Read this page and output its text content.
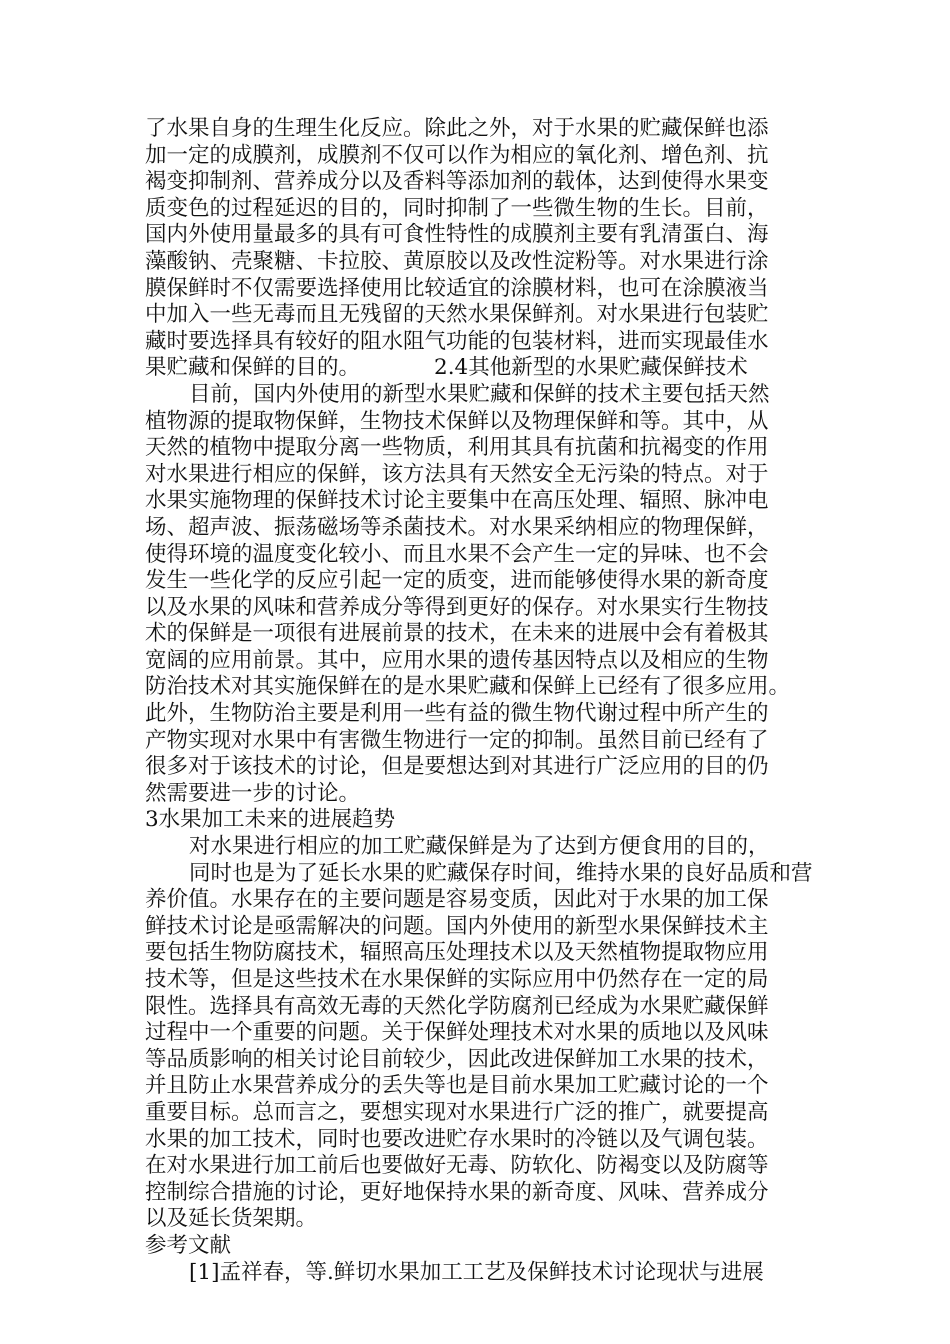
了水果自身的生理生化反应。除此之外，对于水果的贮藏保鲜也添
加一定的成膜剂，成膜剂不仅可以作为相应的氧化剂、增色剂、抗
褐变抑制剂、营养成分以及香料等添加剂的载体，达到使得水果变
质变色的过程延迟的目的，同时抑制了一些微生物的生长。目前，
国内外使用量最多的具有可食性特性的成膜剂主要有乳清蛋白、海
藻酸钠、壳聚糖、卡拉胶、黄原胶以及改性淀粉等。对水果进行涂
膜保鲜时不仅需要选择使用比较适宜的涂膜材料，也可在涂膜液当
中加入一些无毒而且无残留的天然水果保鲜剂。对水果进行包装贮
藏时要选择具有较好的阻水阻气功能的包装材料，进而实现最佳水
果贮藏和保鲜的目的。	2.4其他新型的水果贮藏保鲜技术
目前，国内外使用的新型水果贮藏和保鲜的技术主要包括天然
植物源的提取物保鲜，生物技术保鲜以及物理保鲜和等。其中，从
天然的植物中提取分离一些物质，利用其具有抗菌和抗褐变的作用
对水果进行相应的保鲜，该方法具有天然安全无污染的特点。对于
水果实施物理的保鲜技术讨论主要集中在高压处理、辐照、脉冲电
场、超声波、振荡磁场等杀菌技术。对水果采纳相应的物理保鲜，
使得环境的温度变化较小、而且水果不会产生一定的异味、也不会
发生一些化学的反应引起一定的质变，进而能够使得水果的新奇度
以及水果的风味和营养成分等得到更好的保存。对水果实行生物技
术的保鲜是一项很有进展前景的技术，在未来的进展中会有着极其
宽阔的应用前景。其中，应用水果的遗传基因特点以及相应的生物
防治技术对其实施保鲜在的是水果贮藏和保鲜上已经有了很多应用。
此外，生物防治主要是利用一些有益的微生物代谢过程中所产生的
产物实现对水果中有害微生物进行一定的抑制。虽然目前已经有了
很多对于该技术的讨论，但是要想达到对其进行广泛应用的目的仍
然需要进一步的讨论。
3水果加工未来的进展趋势
对水果进行相应的加工贮藏保鲜是为了达到方便食用的目的，
同时也是为了延长水果的贮藏保存时间，维持水果的良好品质和营
养价值。水果存在的主要问题是容易变质，因此对于水果的加工保
鲜技术讨论是亟需解决的问题。国内外使用的新型水果保鲜技术主
要包括生物防腐技术，辐照高压处理技术以及天然植物提取物应用
技术等，但是这些技术在水果保鲜的实际应用中仍然存在一定的局
限性。选择具有高效无毒的天然化学防腐剂已经成为水果贮藏保鲜
过程中一个重要的问题。关于保鲜处理技术对水果的质地以及风味
等品质影响的相关讨论目前较少，因此改进保鲜加工水果的技术，
并且防止水果营养成分的丢失等也是目前水果加工贮藏讨论的一个
重要目标。总而言之，要想实现对水果进行广泛的推广，就要提高
水果的加工技术，同时也要改进贮存水果时的冷链以及气调包装。
在对水果进行加工前后也要做好无毒、防软化、防褐变以及防腐等
控制综合措施的讨论，更好地保持水果的新奇度、风味、营养成分
以及延长货架期。
参考文献
[1]孟祥春，等.鲜切水果加工工艺及保鲜技术讨论现状与进展
